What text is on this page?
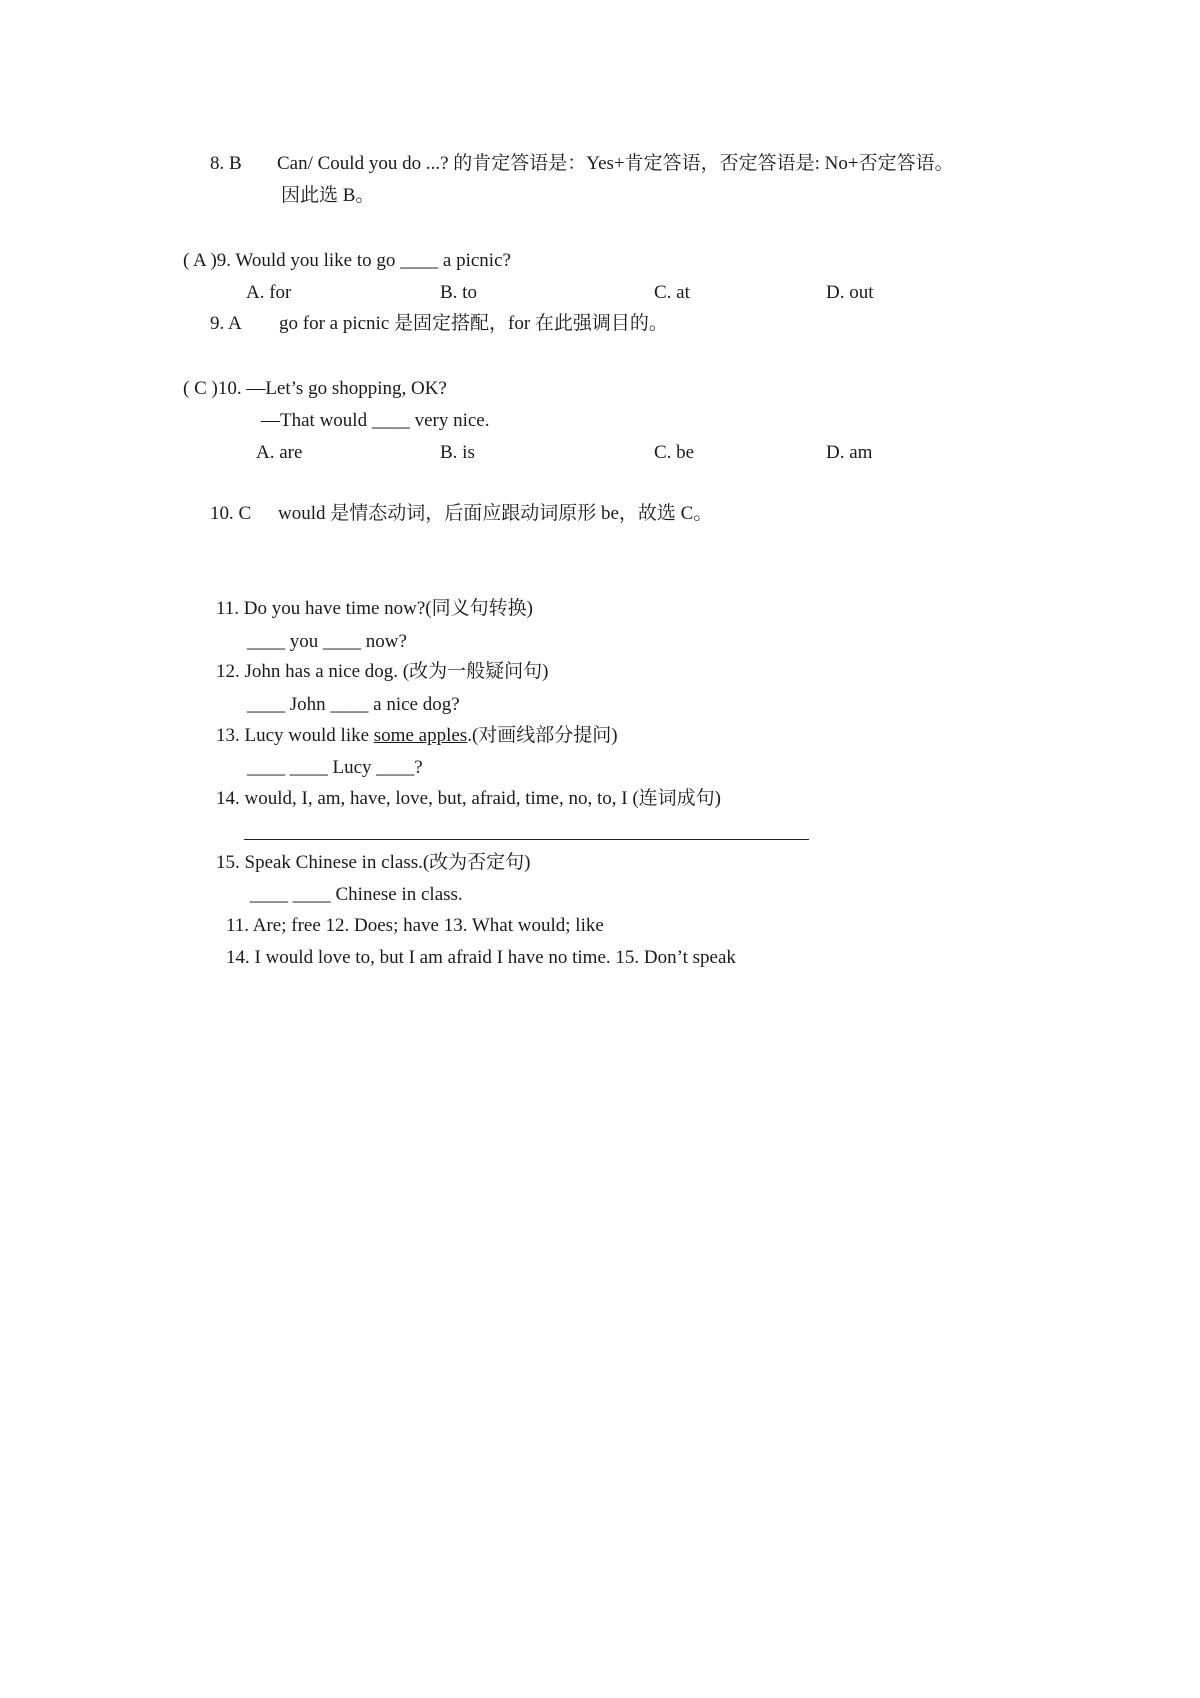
8. B Can/ Could you do ...? 的肯定答语是：Yes+肯定答语，否定答语是: No+否定答语。
因此选 B。
( A )9. Would you like to go ____ a picnic?
A. for	B. to	C. at	D. out
9. A go for a picnic 是固定搭配，for 在此强调目的。
( C )10. —Let’s go shopping, OK?
—That would ____ very nice.
A. are	B. is	C. be	D. am
10. C would 是情态动词，后面应跟动词原形 be，故选 C。
11. Do you have time now?(同义句转换)
____ you ____ now?
12. John has a nice dog. (改为一般疑问句)
____ John ____ a nice dog?
13. Lucy would like some apples.(对画线部分提问)
____ ____ Lucy ____?
14. would, I, am, have, love, but, afraid, time, no, to, I (连词成句)
15. Speak Chinese in class.(改为否定句)
____ ____ Chinese in class.
11. Are; free 12. Does; have 13. What would; like
14. I would love to, but I am afraid I have no time. 15. Don’t speak
